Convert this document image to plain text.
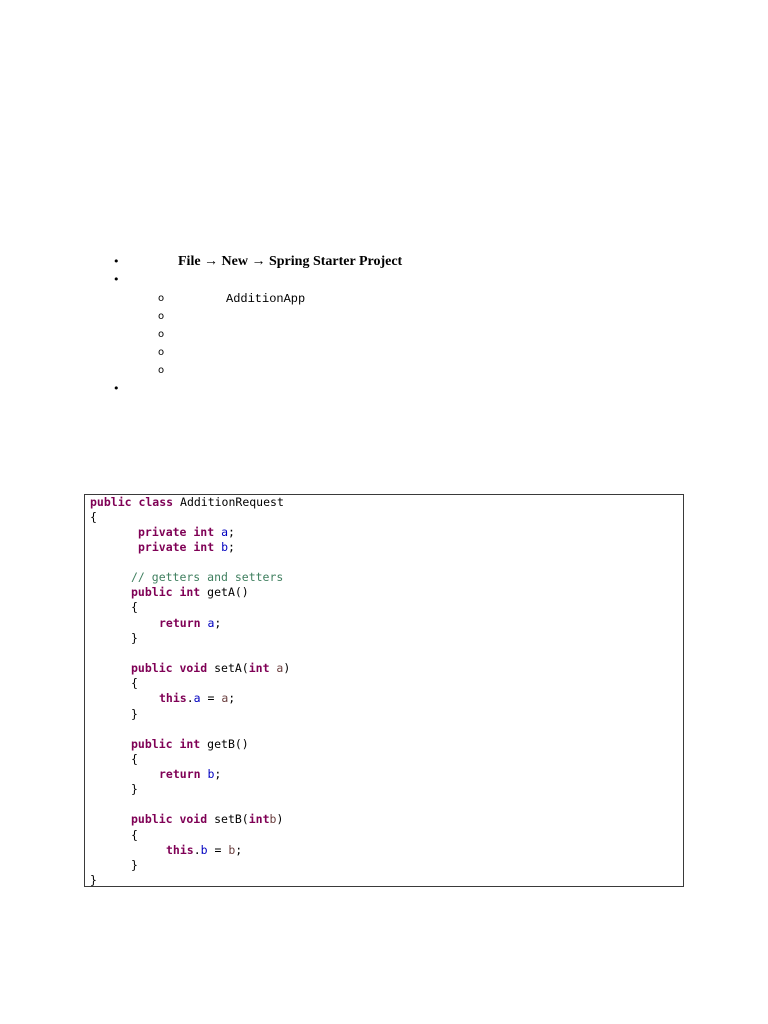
•	File → New → Spring Starter Project
•
o	AdditionApp
o
o
o
o
•
public class AdditionRequest
{
private int a;
private int b;
// getters and setters
public int getA()
{
return a;
}
public void setA(int a)
{
this.a = a;
}
public int getB()
{
return b;
}
public void setB(intb)
{
this.b = b;
}
}
